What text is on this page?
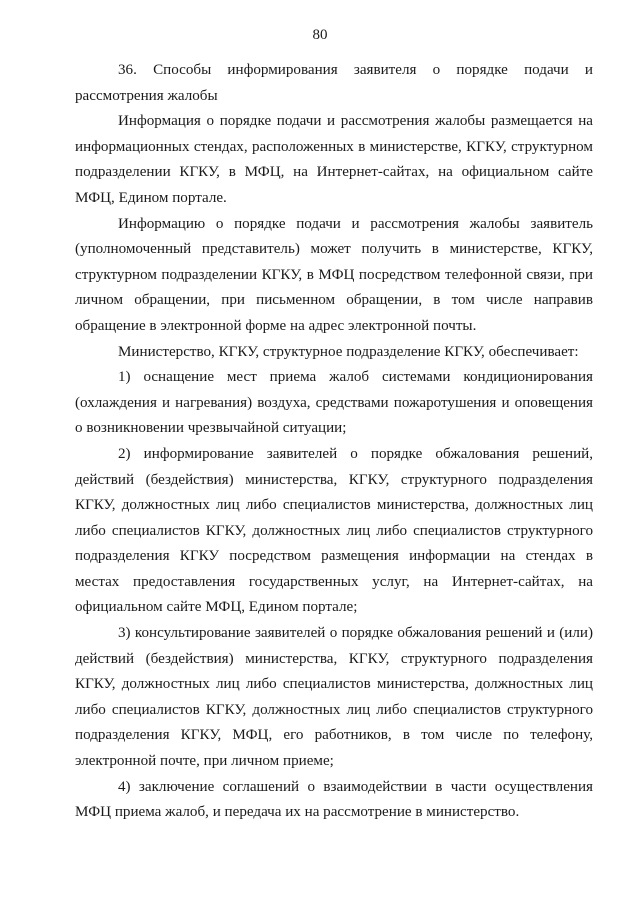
80

36. Способы информирования заявителя о порядке подачи и рассмотрения жалобы

Информация о порядке подачи и рассмотрения жалобы размещается на информационных стендах, расположенных в министерстве, КГКУ, структурном подразделении КГКУ, в МФЦ, на Интернет-сайтах, на официальном сайте МФЦ, Едином портале.

Информацию о порядке подачи и рассмотрения жалобы заявитель (уполномоченный представитель) может получить в министерстве, КГКУ, структурном подразделении КГКУ, в МФЦ посредством телефонной связи, при личном обращении, при письменном обращении, в том числе направив обращение в электронной форме на адрес электронной почты.

Министерство, КГКУ, структурное подразделение КГКУ, обеспечивает:

1) оснащение мест приема жалоб системами кондиционирования (охлаждения и нагревания) воздуха, средствами пожаротушения и оповещения о возникновении чрезвычайной ситуации;

2) информирование заявителей о порядке обжалования решений, действий (бездействия) министерства, КГКУ, структурного подразделения КГКУ, должностных лиц либо специалистов министерства, должностных лиц либо специалистов КГКУ, должностных лиц либо специалистов структурного подразделения КГКУ посредством размещения информации на стендах в местах предоставления государственных услуг, на Интернет-сайтах, на официальном сайте МФЦ, Едином портале;

3) консультирование заявителей о порядке обжалования решений и (или) действий (бездействия) министерства, КГКУ, структурного подразделения КГКУ, должностных лиц либо специалистов министерства, должностных лиц либо специалистов КГКУ, должностных лиц либо специалистов структурного подразделения КГКУ, МФЦ, его работников, в том числе по телефону, электронной почте, при личном приеме;

4) заключение соглашений о взаимодействии в части осуществления МФЦ приема жалоб, и передача их на рассмотрение в министерство.
